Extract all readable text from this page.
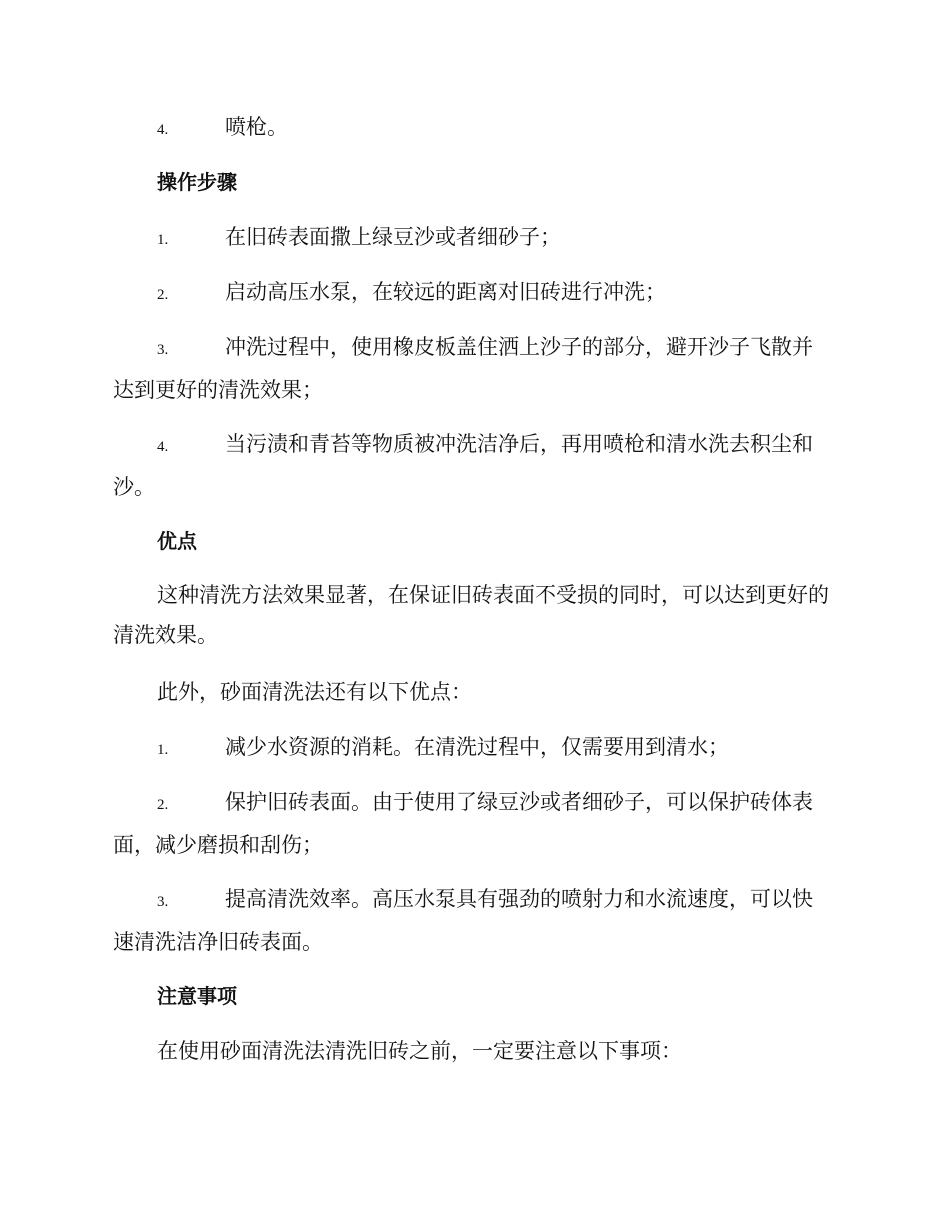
4.	喷枪。
操作步骤
1.	在旧砖表面撒上绿豆沙或者细砂子；
2.	启动高压水泵，在较远的距离对旧砖进行冲洗；
3.	冲洗过程中，使用橡皮板盖住洒上沙子的部分，避开沙子飞散并达到更好的清洗效果；
4.	当污渍和青苔等物质被冲洗洁净后，再用喷枪和清水洗去积尘和沙。
优点
这种清洗方法效果显著，在保证旧砖表面不受损的同时，可以达到更好的清洗效果。
此外，砂面清洗法还有以下优点：
1.	减少水资源的消耗。在清洗过程中，仅需要用到清水；
2.	保护旧砖表面。由于使用了绿豆沙或者细砂子，可以保护砖体表面，减少磨损和刮伤；
3.	提高清洗效率。高压水泵具有强劲的喷射力和水流速度，可以快速清洗洁净旧砖表面。
注意事项
在使用砂面清洗法清洗旧砖之前，一定要注意以下事项：
